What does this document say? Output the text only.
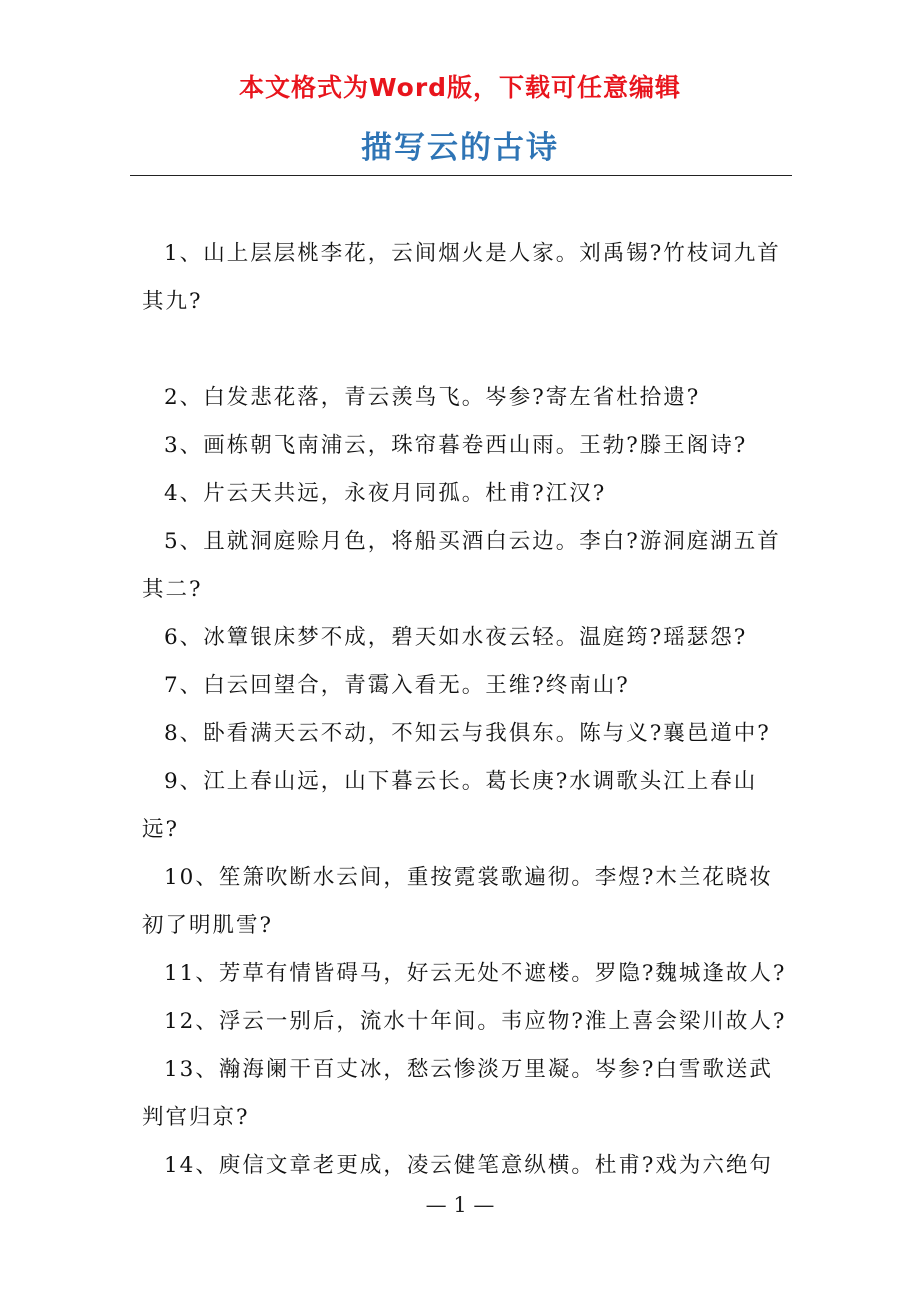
本文格式为Word版，下载可任意编辑
描写云的古诗

1、山上层层桃李花，云间烟火是人家。刘禹锡?竹枝词九首其九?

2、白发悲花落，青云羡鸟飞。岑参?寄左省杜拾遗?

3、画栋朝飞南浦云，珠帘暮卷西山雨。王勃?滕王阁诗?

4、片云天共远，永夜月同孤。杜甫?江汉?

5、且就洞庭赊月色，将船买酒白云边。李白?游洞庭湖五首其二?

6、冰簟银床梦不成，碧天如水夜云轻。温庭筠?瑶瑟怨?

7、白云回望合，青霭入看无。王维?终南山?

8、卧看满天云不动，不知云与我俱东。陈与义?襄邑道中?

9、江上春山远，山下暮云长。葛长庚?水调歌头江上春山远?

10、笙箫吹断水云间，重按霓裳歌遍彻。李煜?木兰花晓妆初了明肌雪?

11、芳草有情皆碍马，好云无处不遮楼。罗隐?魏城逢故人?

12、浮云一别后，流水十年间。韦应物?淮上喜会梁川故人?

13、瀚海阑干百丈冰，愁云惨淡万里凝。岑参?白雪歌送武判官归京?

14、庾信文章老更成，凌云健笔意纵横。杜甫?戏为六绝句

— 1 —
